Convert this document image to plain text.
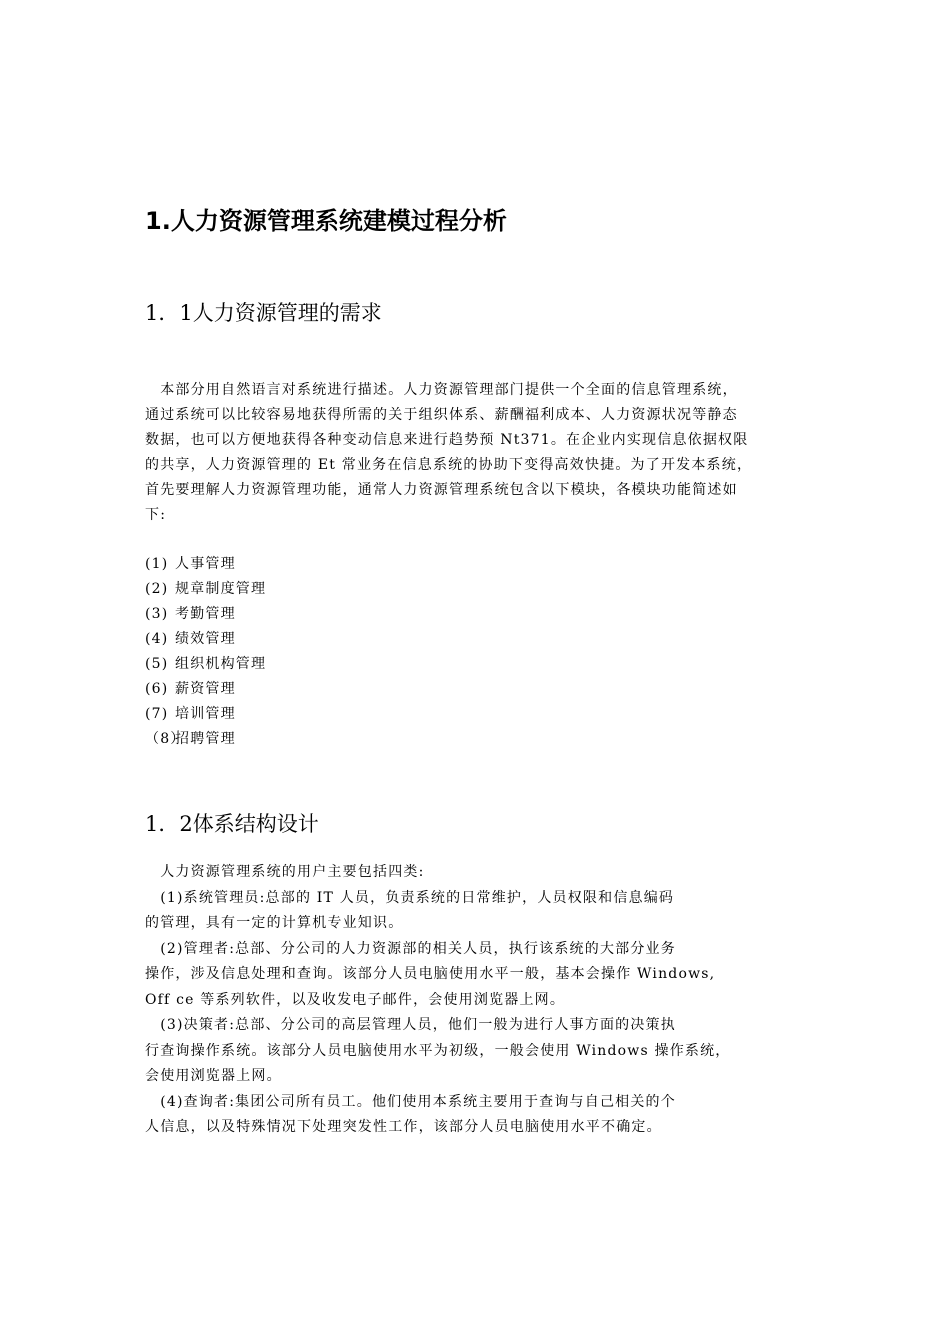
1.人力资源管理系统建模过程分析
1．1人力资源管理的需求
　本部分用自然语言对系统进行描述。人力资源管理部门提供一个全面的信息管理系统，
通过系统可以比较容易地获得所需的关于组织体系、薪酬福利成本、人力资源状况等静态
数据，也可以方便地获得各种变动信息来进行趋势预 Nt371。在企业内实现信息依据权限
的共享，人力资源管理的 Et 常业务在信息系统的协助下变得高效快捷。为了开发本系统，
首先要理解人力资源管理功能，通常人力资源管理系统包含以下模块，各模块功能简述如
下:
(1) 人事管理
(2) 规章制度管理
(3) 考勤管理
(4) 绩效管理
(5) 组织机构管理
(6) 薪资管理
(7) 培训管理
（8）招聘管理
1．2体系结构设计
　人力资源管理系统的用户主要包括四类:
　(1)系统管理员:总部的 IT 人员，负责系统的日常维护，人员权限和信息编码
的管理，具有一定的计算机专业知识。
　(2)管理者:总部、分公司的人力资源部的相关人员，执行该系统的大部分业务
操作，涉及信息处理和查询。该部分人员电脑使用水平一般，基本会操作 Windows,
Off ce 等系列软件，以及收发电子邮件，会使用浏览器上网。
　(3)决策者:总部、分公司的高层管理人员，他们一般为进行人事方面的决策执
行查询操作系统。该部分人员电脑使用水平为初级，一般会使用 Windows 操作系统，
会使用浏览器上网。
　(4)查询者:集团公司所有员工。他们使用本系统主要用于查询与自己相关的个
人信息，以及特殊情况下处理突发性工作，该部分人员电脑使用水平不确定。
